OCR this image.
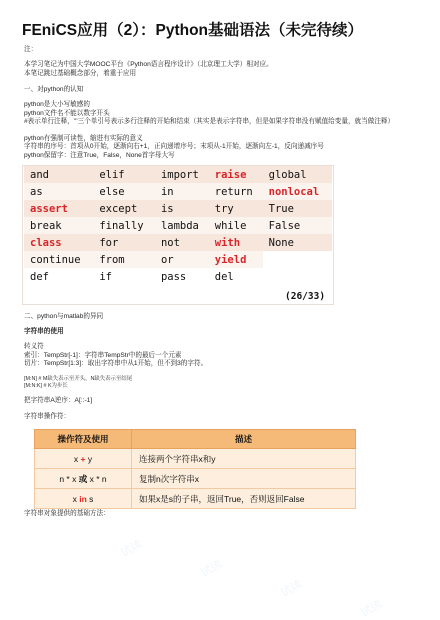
FEniCS应用（2）：Python基础语法（未完待续）
注：
本学习笔记为中国大学MOOC平台《Python语言程序设计》（北京理工大学）相对应。
本笔记跳过基础概念部分，着重于应用
一、对python的认知
python是大小写敏感的
python文件名不能以数字开头
#表示单行注释，'''三个单引号表示多行注释的开始和结束（其实是表示字符串，但是如果字符串没有赋值给变量，就当做注释）
python有强制可读性，缩进有实际的意义
字符串的序号：首项从0开始，逐渐向右+1，正向递增序号；末项从-1开始，逐渐向左-1，反向递减序号
python保留字：注意True，False，None首字母大写
and	elif	import	raise	global
as	else	in	return	nonlocal
assert	except	is	try	True
break	finally	lambda	while	False
class	for	not	with	None
continue	from	or	yield	
def	if	pass	del	
(26/33)
二、python与matlab的异同
字符串的使用
转义符
索引：TempStr[-1]：字符串TempStr中的最后一个元素
切片：TempStr[1:3]：取出字符串中从1开始，但不到3的字符。
[M:N] # M缺失表示至开头，N缺失表示至结尾
[M:N:K] # K为步长
把字符串A逆序：A[::-1]
字符串操作符：
操作符及使用	描述
x + y	连接两个字符串x和y
n * x 或 x * n	复制n次字符串x
x in s	如果x是s的子串，返回True，否则返回False
字符串对象提供的基础方法：
试读
试读
试读
试读
